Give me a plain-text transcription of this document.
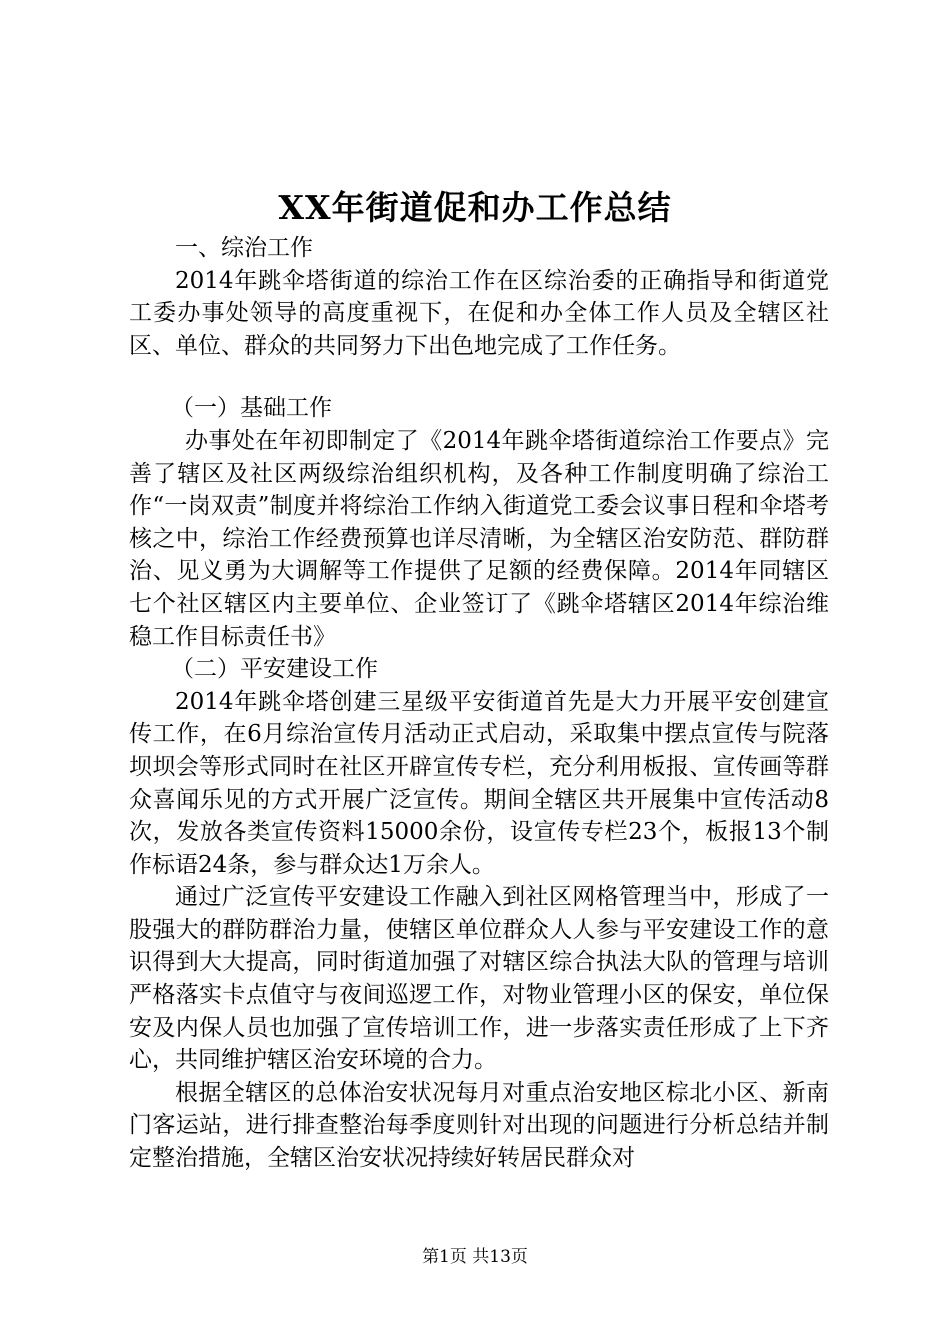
XX年街道促和办工作总结

一、综治工作

2014年跳伞塔街道的综治工作在区综治委的正确指导和街道党工委办事处领导的高度重视下，在促和办全体工作人员及全辖区社区、单位、群众的共同努力下出色地完成了工作任务。

（一）基础工作

办事处在年初即制定了《2014年跳伞塔街道综治工作要点》完善了辖区及社区两级综治组织机构，及各种工作制度明确了综治工作“一岗双责”制度并将综治工作纳入街道党工委会议事日程和伞塔考核之中，综治工作经费预算也详尽清晰，为全辖区治安防范、群防群治、见义勇为大调解等工作提供了足额的经费保障。2014年同辖区七个社区辖区内主要单位、企业签订了《跳伞塔辖区2014年综治维稳工作目标责任书》

（二）平安建设工作

2014年跳伞塔创建三星级平安街道首先是大力开展平安创建宣传工作，在6月综治宣传月活动正式启动，采取集中摆点宣传与院落坝坝会等形式同时在社区开辟宣传专栏，充分利用板报、宣传画等群众喜闻乐见的方式开展广泛宣传。期间全辖区共开展集中宣传活动8次，发放各类宣传资料15000余份，设宣传专栏23个，板报13个制作标语24条，参与群众达1万余人。

通过广泛宣传平安建设工作融入到社区网格管理当中，形成了一股强大的群防群治力量，使辖区单位群众人人参与平安建设工作的意识得到大大提高，同时街道加强了对辖区综合执法大队的管理与培训严格落实卡点值守与夜间巡逻工作，对物业管理小区的保安，单位保安及内保人员也加强了宣传培训工作，进一步落实责任形成了上下齐心，共同维护辖区治安环境的合力。

根据全辖区的总体治安状况每月对重点治安地区棕北小区、新南门客运站，进行排查整治每季度则针对出现的问题进行分析总结并制定整治措施，全辖区治安状况持续好转居民群众对

第1页 共13页
